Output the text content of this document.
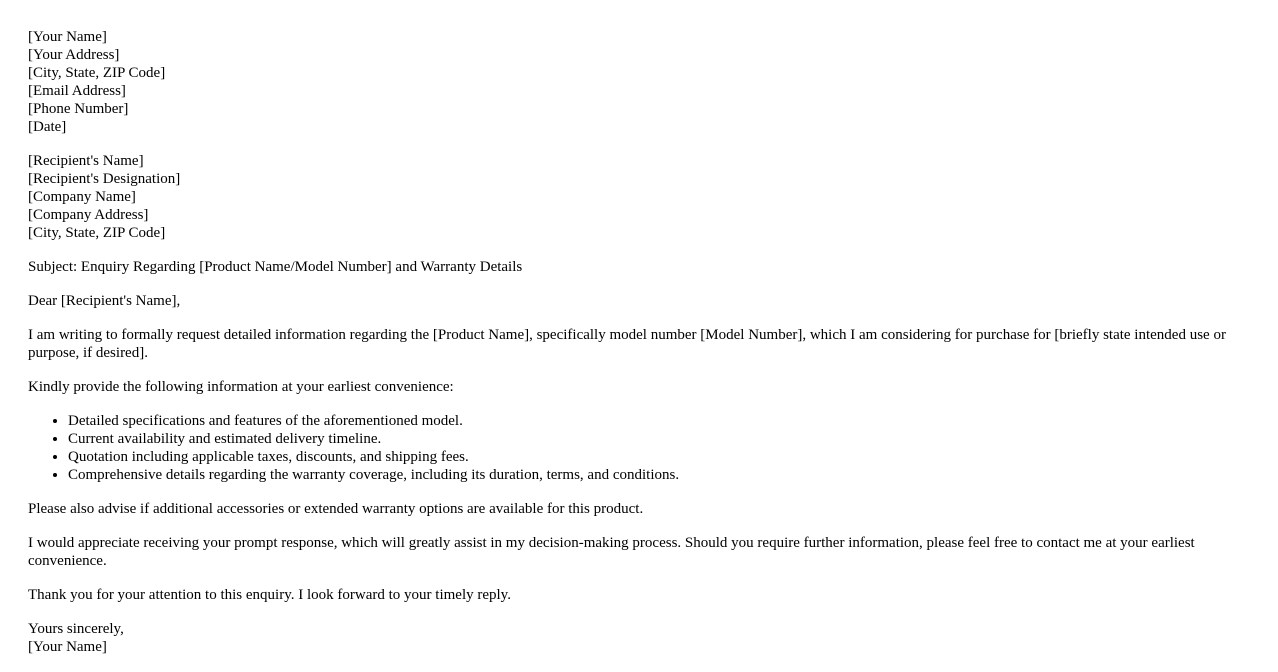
[Your Name]
[Your Address]
[City, State, ZIP Code]
[Email Address]
[Phone Number]
[Date]
[Recipient's Name]
[Recipient's Designation]
[Company Name]
[Company Address]
[City, State, ZIP Code]

Subject: Enquiry Regarding [Product Name/Model Number] and Warranty Details

Dear [Recipient's Name],

I am writing to formally request detailed information regarding the [Product Name], specifically model number [Model Number], which I am considering for purchase for [briefly state intended use or purpose, if desired].

Kindly provide the following information at your earliest convenience:

• Detailed specifications and features of the aforementioned model.
• Current availability and estimated delivery timeline.
• Quotation including applicable taxes, discounts, and shipping fees.
• Comprehensive details regarding the warranty coverage, including its duration, terms, and conditions.

Please also advise if additional accessories or extended warranty options are available for this product.

I would appreciate receiving your prompt response, which will greatly assist in my decision-making process. Should you require further information, please feel free to contact me at your earliest convenience.

Thank you for your attention to this enquiry. I look forward to your timely reply.

Yours sincerely,
[Your Name]
